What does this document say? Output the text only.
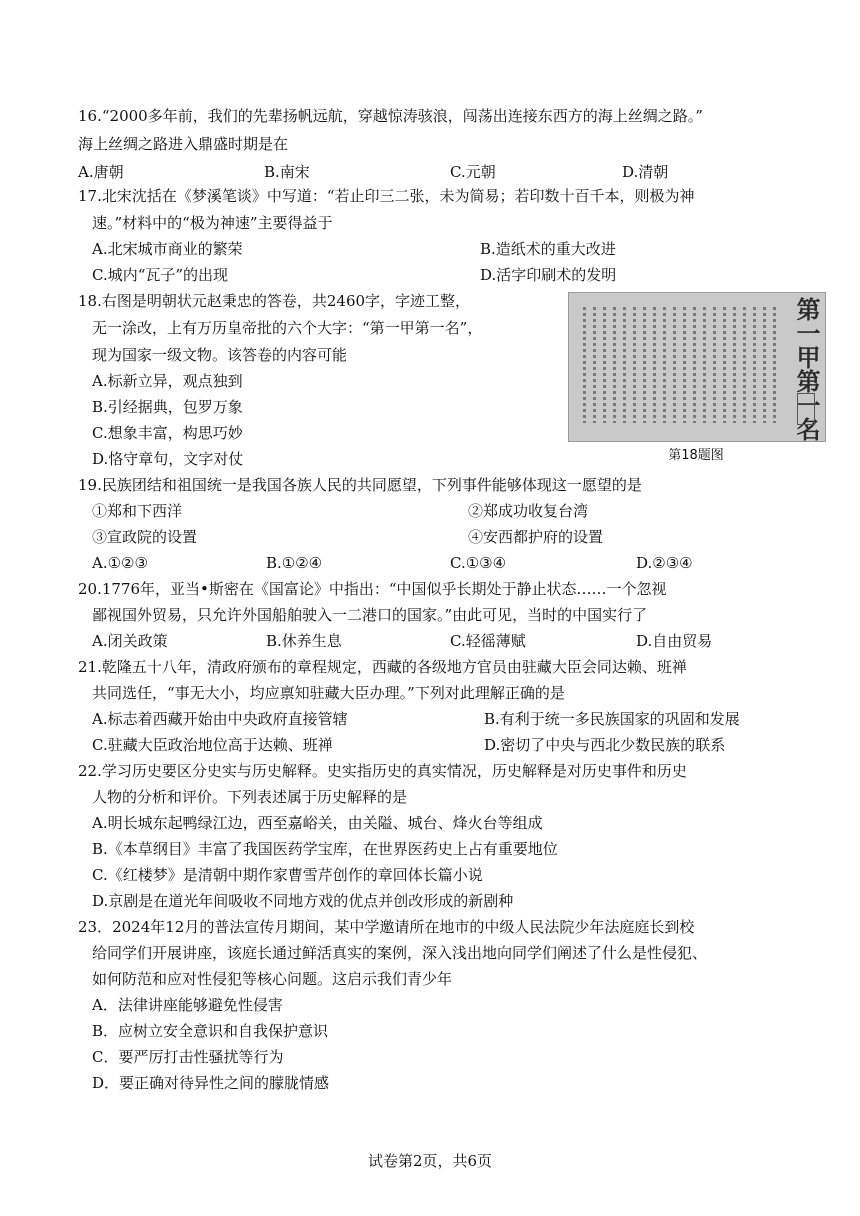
16.“2000多年前，我们的先辈扬帆远航，穿越惊涛骇浪，闯荡出连接东西方的海上丝绸之路。”
海上丝绸之路进入鼎盛时期是在
A.唐朝	B.南宋	C.元朝	D.清朝
17.北宋沈括在《梦溪笔谈》中写道：“若止印三二张，未为简易；若印数十百千本，则极为神
速。”材料中的“极为神速”主要得益于
A.北宋城市商业的繁荣	B.造纸术的重大改进
C.城内“瓦子”的出现	D.活字印刷术的发明
18.右图是明朝状元赵秉忠的答卷，共2460字，字迹工整，
无一涂改，上有万历皇帝批的六个大字：“第一甲第一名”，
现为国家一级文物。该答卷的内容可能
A.标新立异，观点独到
B.引经据典，包罗万象
C.想象丰富，构思巧妙
D.恪守章句，文字对仗
第一甲第一名
第18题图
19.民族团结和祖国统一是我国各族人民的共同愿望，下列事件能够体现这一愿望的是
①郑和下西洋	②郑成功收复台湾
③宣政院的设置	④安西都护府的设置
A.①②③	B.①②④	C.①③④	D.②③④
20.1776年，亚当•斯密在《国富论》中指出：“中国似乎长期处于静止状态……一个忽视
鄙视国外贸易，只允许外国船舶驶入一二港口的国家。”由此可见，当时的中国实行了
A.闭关政策	B.休养生息	C.轻徭薄赋	D.自由贸易
21.乾隆五十八年，清政府颁布的章程规定，西藏的各级地方官员由驻藏大臣会同达赖、班禅
共同选任，“事无大小，均应禀知驻藏大臣办理。”下列对此理解正确的是
A.标志着西藏开始由中央政府直接管辖	B.有利于统一多民族国家的巩固和发展
C.驻藏大臣政治地位高于达赖、班禅	D.密切了中央与西北少数民族的联系
22.学习历史要区分史实与历史解释。史实指历史的真实情况，历史解释是对历史事件和历史
人物的分析和评价。下列表述属于历史解释的是
A.明长城东起鸭绿江边，西至嘉峪关，由关隘、城台、烽火台等组成
B.《本草纲目》丰富了我国医药学宝库，在世界医药史上占有重要地位
C.《红楼梦》是清朝中期作家曹雪芹创作的章回体长篇小说
D.京剧是在道光年间吸收不同地方戏的优点并创改形成的新剧种
23．2024年12月的普法宣传月期间，某中学邀请所在地市的中级人民法院少年法庭庭长到校
给同学们开展讲座，该庭长通过鲜活真实的案例，深入浅出地向同学们阐述了什么是性侵犯、
如何防范和应对性侵犯等核心问题。这启示我们青少年
A．法律讲座能够避免性侵害
B．应树立安全意识和自我保护意识
C．要严厉打击性骚扰等行为
D．要正确对待异性之间的朦胧情感
试卷第2页，共6页
